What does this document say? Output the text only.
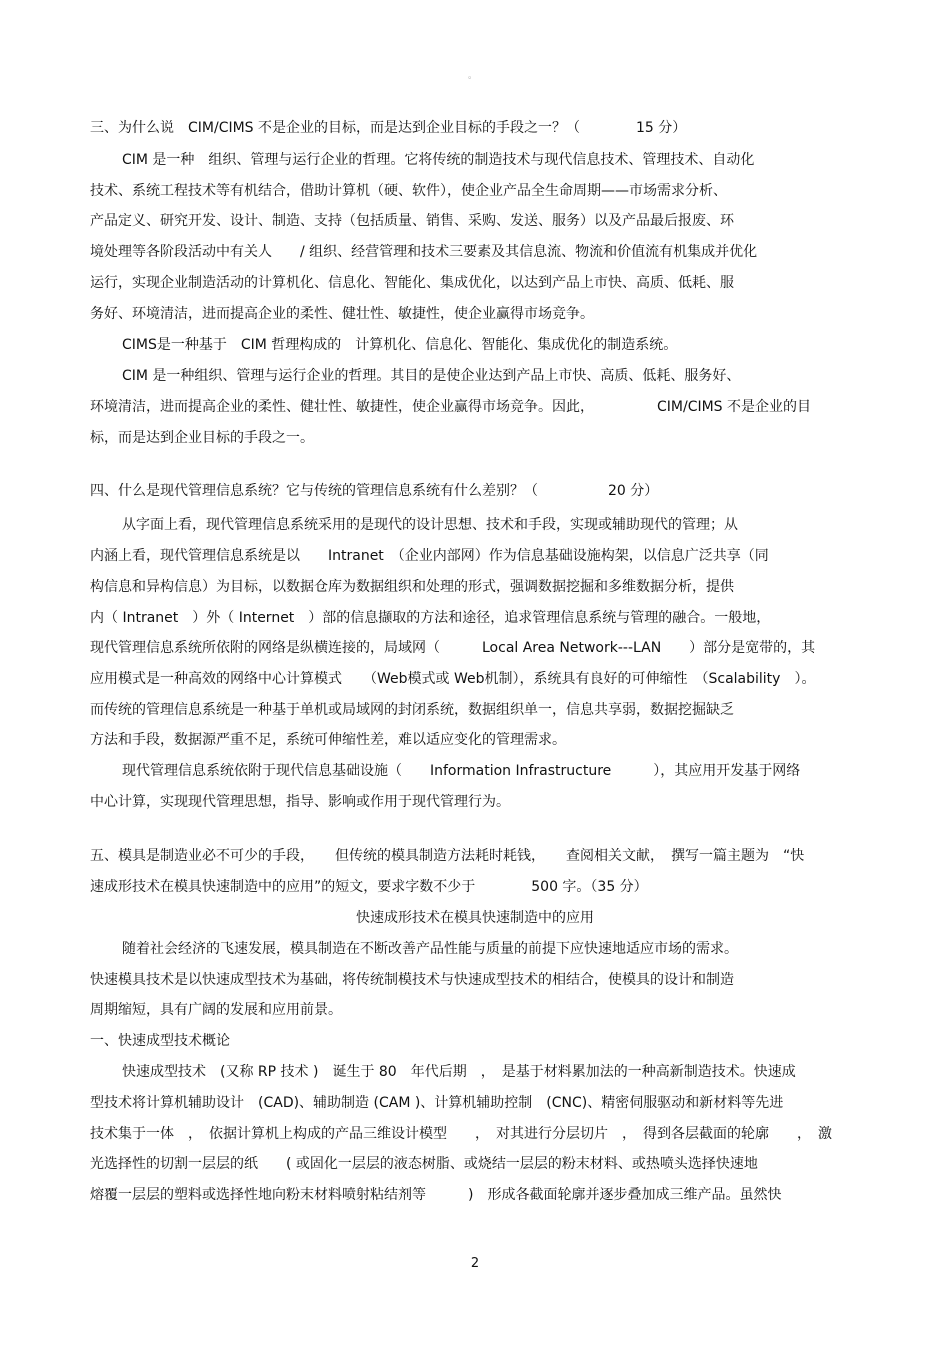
。
三、为什么说　CIM/CIMS 不是企业的目标，而是达到企业目标的手段之一？（　　　　15 分）
CIM 是一种　组织、管理与运行企业的哲理。它将传统的制造技术与现代信息技术、管理技术、自动化
技术、系统工程技术等有机结合，借助计算机（硬、软件），使企业产品全生命周期——市场需求分析、
产品定义、研究开发、设计、制造、支持（包括质量、销售、采购、发送、服务）以及产品最后报废、环
境处理等各阶段活动中有关人　　/ 组织、经营管理和技术三要素及其信息流、物流和价值流有机集成并优化
运行，实现企业制造活动的计算机化、信息化、智能化、集成优化，以达到产品上市快、高质、低耗、服
务好、环境清洁，进而提高企业的柔性、健壮性、敏捷性，使企业赢得市场竞争。
CIMS是一种基于　CIM 哲理构成的　计算机化、信息化、智能化、集成优化的制造系统。
CIM 是一种组织、管理与运行企业的哲理。其目的是使企业达到产品上市快、高质、低耗、服务好、
环境清洁，进而提高企业的柔性、健壮性、敏捷性，使企业赢得市场竞争。因此，　　　　　CIM/CIMS 不是企业的目
标，而是达到企业目标的手段之一。
四、什么是现代管理信息系统？它与传统的管理信息系统有什么差别？（　　　　　20 分）
从字面上看，现代管理信息系统采用的是现代的设计思想、技术和手段，实现或辅助现代的管理；从
内涵上看，现代管理信息系统是以　　Intranet　（企业内部网）作为信息基础设施构架，以信息广泛共享（同
构信息和异构信息）为目标，以数据仓库为数据组织和处理的形式，强调数据挖掘和多维数据分析，提供
内（ Intranet　）外（ Internet　）部的信息撷取的方法和途径，追求管理信息系统与管理的融合。一般地，
现代管理信息系统所依附的网络是纵横连接的，局域网（　　　Local Area Network---LAN　　）部分是宽带的，其
应用模式是一种高效的网络中心计算模式　　（Web模式或 Web机制），系统具有良好的可伸缩性　（Scalability　）。
而传统的管理信息系统是一种基于单机或局域网的封闭系统，数据组织单一，信息共享弱，数据挖掘缺乏
方法和手段，数据源严重不足，系统可伸缩性差，难以适应变化的管理需求。
现代管理信息系统依附于现代信息基础设施（　　Information Infrastructure　　　），其应用开发基于网络
中心计算，实现现代管理思想，指导、影响或作用于现代管理行为。
五、模具是制造业必不可少的手段，　　但传统的模具制造方法耗时耗钱，　　查阅相关文献，　撰写一篇主题为　“快
速成形技术在模具快速制造中的应用”的短文，要求字数不少于　　　　500 字。（35 分）
快速成形技术在模具快速制造中的应用
随着社会经济的飞速发展，模具制造在不断改善产品性能与质量的前提下应快速地适应市场的需求。
快速模具技术是以快速成型技术为基础，将传统制模技术与快速成型技术的相结合，使模具的设计和制造
周期缩短，具有广阔的发展和应用前景。
一、快速成型技术概论
快速成型技术　(又称 RP 技术 )　诞生于 80　年代后期　，　是基于材料累加法的一种高新制造技术。快速成
型技术将计算机辅助设计　(CAD)、辅助制造 (CAM )、计算机辅助控制　(CNC)、精密伺服驱动和新材料等先进
技术集于一体　，　依据计算机上构成的产品三维设计模型　　，　对其进行分层切片　，　得到各层截面的轮廓　　，　激
光选择性的切割一层层的纸　　( 或固化一层层的液态树脂、或烧结一层层的粉末材料、或热喷头选择快速地
熔覆一层层的塑料或选择性地向粉末材料喷射粘结剂等　　　)　形成各截面轮廓并逐步叠加成三维产品。虽然快
2
